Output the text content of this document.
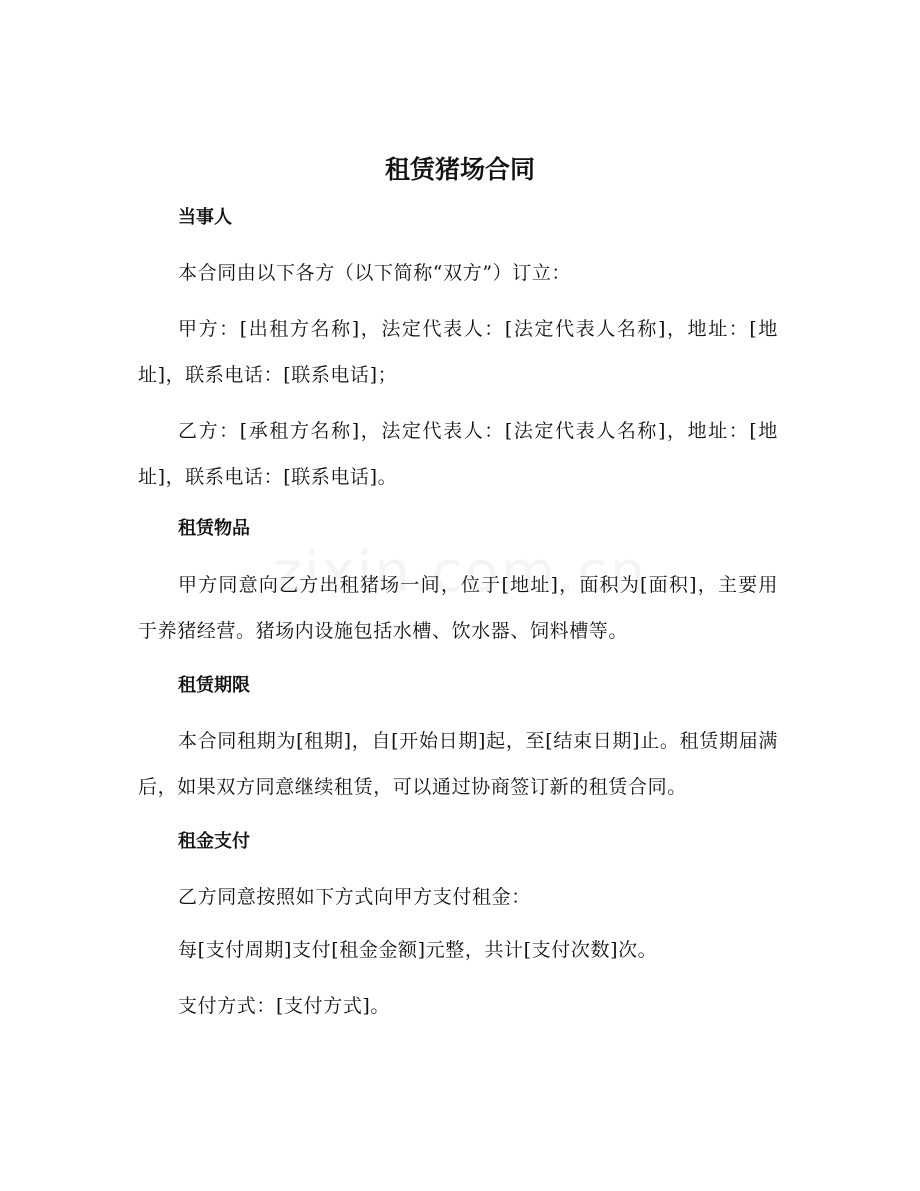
租赁猪场合同
当事人

本合同由以下各方（以下简称“双方”）订立：

甲方：[出租方名称]，法定代表人：[法定代表人名称]，地址：[地址]，联系电话：[联系电话]；

乙方：[承租方名称]，法定代表人：[法定代表人名称]，地址：[地址]，联系电话：[联系电话]。

租赁物品

甲方同意向乙方出租猪场一间，位于[地址]，面积为[面积]，主要用于养猪经营。猪场内设施包括水槽、饮水器、饲料槽等。

租赁期限

本合同租期为[租期]，自[开始日期]起，至[结束日期]止。租赁期届满后，如果双方同意继续租赁，可以通过协商签订新的租赁合同。

租金支付

乙方同意按照如下方式向甲方支付租金：

每[支付周期]支付[租金金额]元整，共计[支付次数]次。

支付方式：[支付方式]。
